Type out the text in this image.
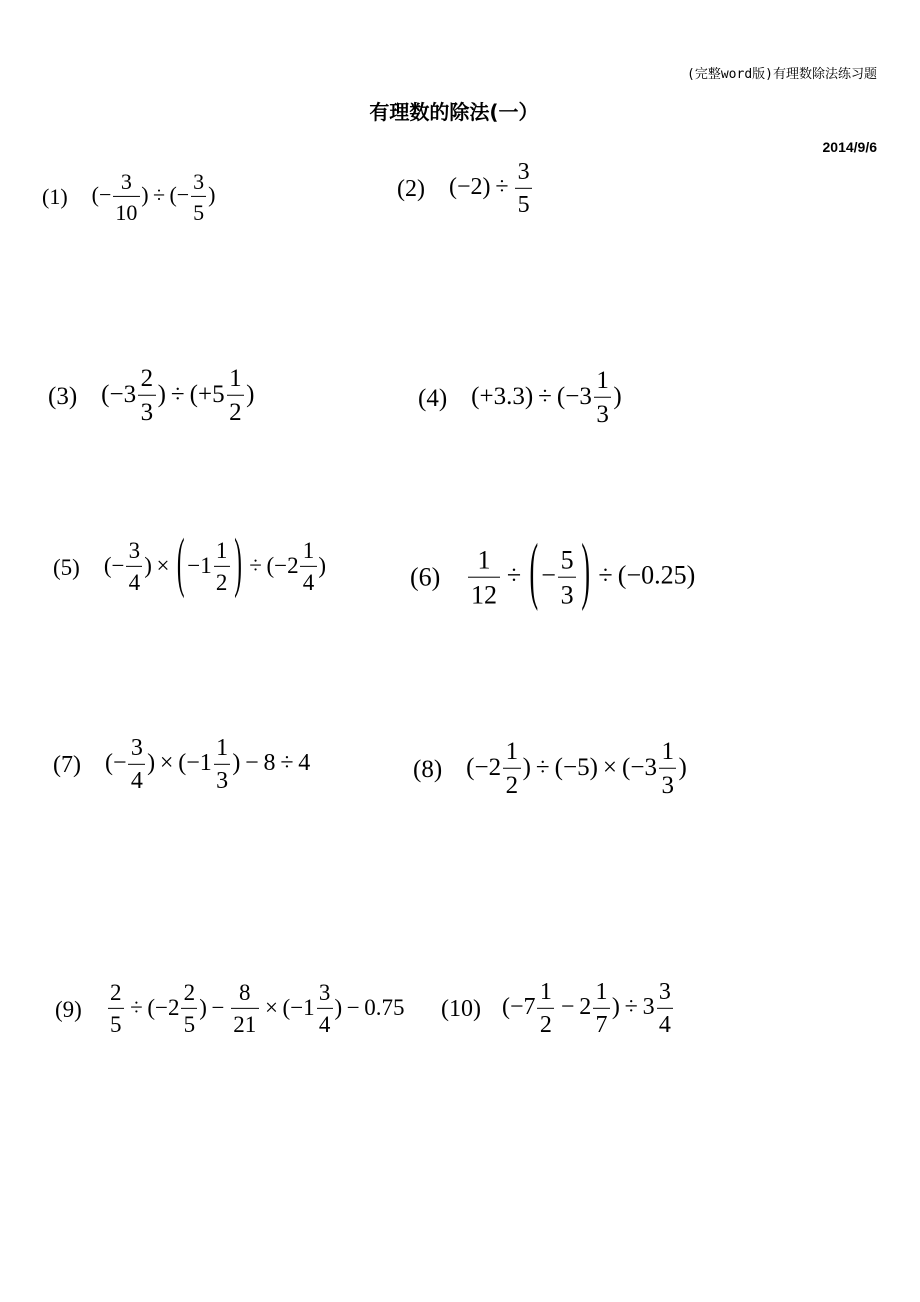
(完整word版)有理数除法练习题
有理数的除法(一）
2014/9/6
(1) (− $\frac{3}{10}$ ) ÷ (− $\frac{3}{5}$ )	(2) $(-2) \div \frac{3}{5}$
(3) ($-3 \frac{2}{3}$ ) ÷ ($+5 \frac{1}{2}$ )	(4) $(+3.3) \div (-3 \frac{1}{3}$ )
(5) (− $\frac{3}{4}$ ) × ( $-1 \frac{1}{2}$ ) ÷ ($-2 \frac{1}{4}$ )	$(6) \frac{1}{12}$ ÷ ( − $\frac{5}{3}$ ) ÷ (−0.25)
(7) (− $\frac{3}{4}$ ) × ($-1 \frac{1}{3}$ ) − 8 ÷ 4	(8) ($-2 \frac{1}{2}$ ) ÷ $(-5) \times (-3 \frac{1}{3}$ )
$(9) \frac{2}{5} \div (-2 \frac{2}{5}$ ) − $\frac{8}{21} \times (-1 \frac{3}{4}$ ) − 0.75 (10) ($-7 \frac{1}{2} - 2 \frac{1}{7}$ ) ÷ $3 \frac{3}{4}$
